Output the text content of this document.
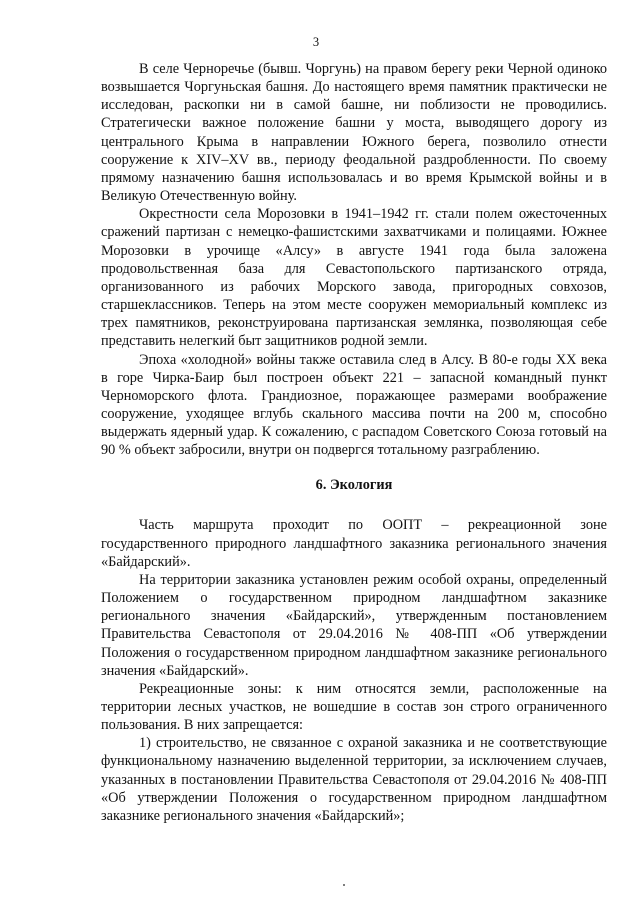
3

В селе Черноречье (бывш. Чоргунь) на правом берегу реки Черной одиноко возвышается Чоргуньская башня. До настоящего время памятник практически не исследован, раскопки ни в самой башне, ни поблизости не проводились. Стратегически важное положение башни у моста, выводящего дорогу из центрального Крыма в направлении Южного берега, позволило отнести сооружение к XIV–XV вв., периоду феодальной раздробленности. По своему прямому назначению башня использовалась и во время Крымской войны и в Великую Отечественную войну.

Окрестности села Морозовки в 1941–1942 гг. стали полем ожесточенных сражений партизан с немецко-фашистскими захватчиками и полицаями. Южнее Морозовки в урочище «Алсу» в августе 1941 года была заложена продовольственная база для Севастопольского партизанского отряда, организованного из рабочих Морского завода, пригородных совхозов, старшеклассников. Теперь на этом месте сооружен мемориальный комплекс из трех памятников, реконструирована партизанская землянка, позволяющая себе представить нелегкий быт защитников родной земли.

Эпоха «холодной» войны также оставила след в Алсу. В 80-е годы XX века в горе Чирка-Баир был построен объект 221 – запасной командный пункт Черноморского флота. Грандиозное, поражающее размерами воображение сооружение, уходящее вглубь скального массива почти на 200 м, способно выдержать ядерный удар. К сожалению, с распадом Советского Союза готовый на 90 % объект забросили, внутри он подвергся тотальному разграблению.

6. Экология

Часть маршрута проходит по ООПТ – рекреационной зоне государственного природного ландшафтного заказника регионального значения «Байдарский».

На территории заказника установлен режим особой охраны, определенный Положением о государственном природном ландшафтном заказнике регионального значения «Байдарский», утвержденным постановлением Правительства Севастополя от 29.04.2016 № 408-ПП «Об утверждении Положения о государственном природном ландшафтном заказнике регионального значения «Байдарский».

Рекреационные зоны: к ним относятся земли, расположенные на территории лесных участков, не вошедшие в состав зон строго ограниченного пользования. В них запрещается:

1) строительство, не связанное с охраной заказника и не соответствующие функциональному назначению выделенной территории, за исключением случаев, указанных в постановлении Правительства Севастополя от 29.04.2016 № 408-ПП «Об утверждении Положения о государственном природном ландшафтном заказнике регионального значения «Байдарский»;
